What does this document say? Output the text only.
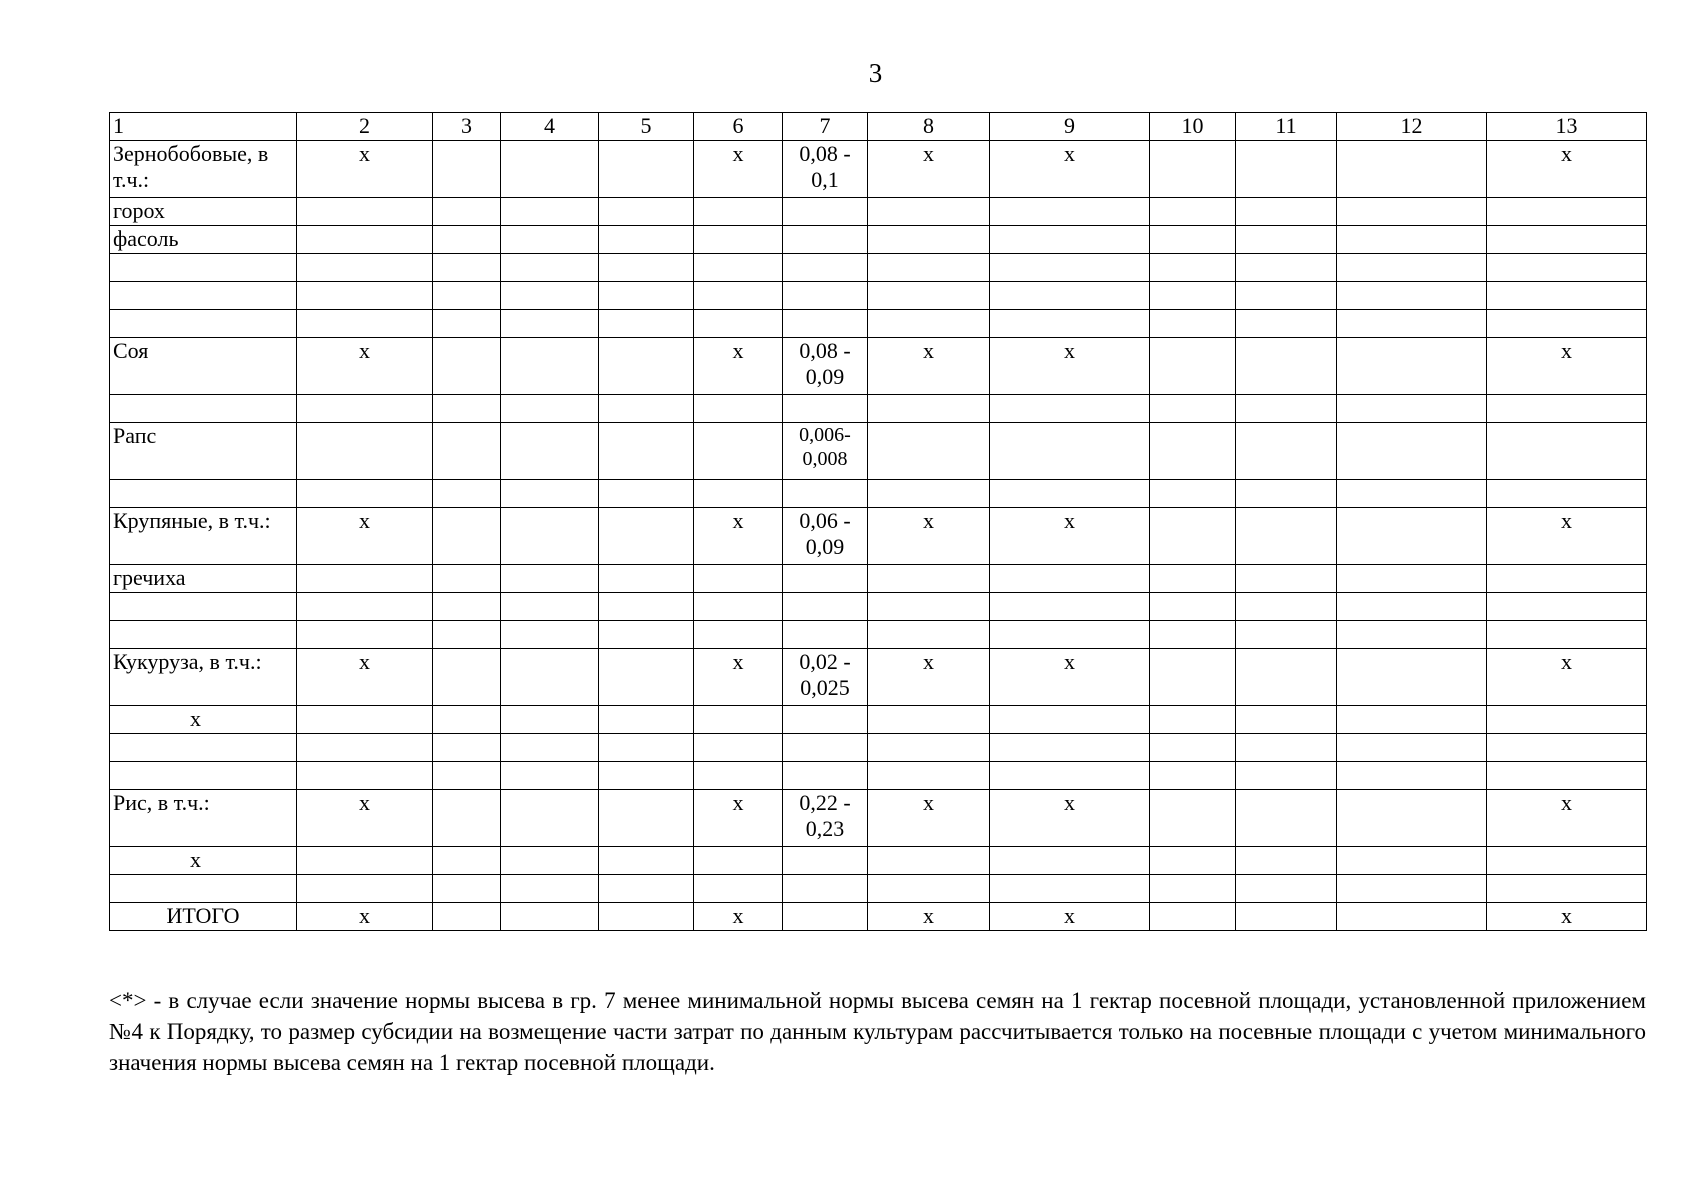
3
1	2	3	4	5	6	7	8	9	10	11	12	13
Зернобобовые, в т.ч.:	х				х	0,08 - 0,1	х	х				х
горох												
фасоль												

Соя	х				х	0,08 - 0,09	х	х				х

Рапс						0,006-0,008						

Крупяные, в т.ч.:	х				х	0,06 - 0,09	х	х				х
гречиха												

Кукуруза, в т.ч.:	х				х	0,02 - 0,025	х	х				х
х												

Рис, в т.ч.:	х				х	0,22 - 0,23	х	х				х
х												

ИТОГО	х				х		х	х				х
<*> - в случае если значение нормы высева в гр. 7 менее минимальной нормы высева семян на 1 гектар посевной площади, установленной приложением №4 к Порядку, то размер субсидии на возмещение части затрат по данным культурам рассчитывается только на посевные площади с учетом минимального значения нормы высева семян на 1 гектар посевной площади.
